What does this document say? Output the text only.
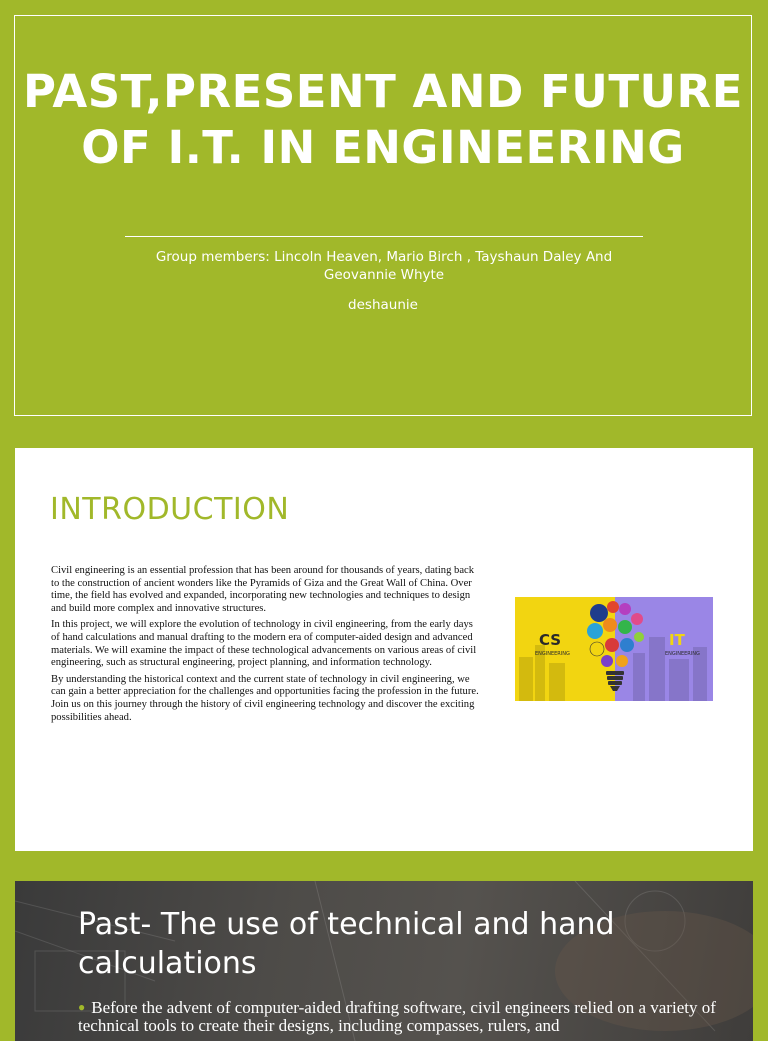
PAST,PRESENT AND FUTURE OF I.T. IN ENGINEERING
Group members: Lincoln Heaven, Mario Birch , Tayshaun Daley And Geovannie Whyte
deshaunie
INTRODUCTION

Civil engineering is an essential profession that has been around for thousands of years, dating back to the construction of ancient wonders like the Pyramids of Giza and the Great Wall of China. Over time, the field has evolved and expanded, incorporating new technologies and techniques to design and build more complex and innovative structures.

In this project, we will explore the evolution of technology in civil engineering, from the early days of hand calculations and manual drafting to the modern era of computer-aided design and advanced materials. We will examine the impact of these technological advancements on various areas of civil engineering, such as structural engineering, project planning, and information technology.

By understanding the historical context and the current state of technology in civil engineering, we can gain a better appreciation for the challenges and opportunities facing the profession in the future. Join us on this journey through the history of civil engineering technology and discover the exciting possibilities ahead.

CS
ENGINEERING
IT
ENGINEERING
Past- The use of technical and hand calculations
● Before the advent of computer-aided drafting software, civil engineers relied on a variety of technical tools to create their designs, including compasses, rulers, and
